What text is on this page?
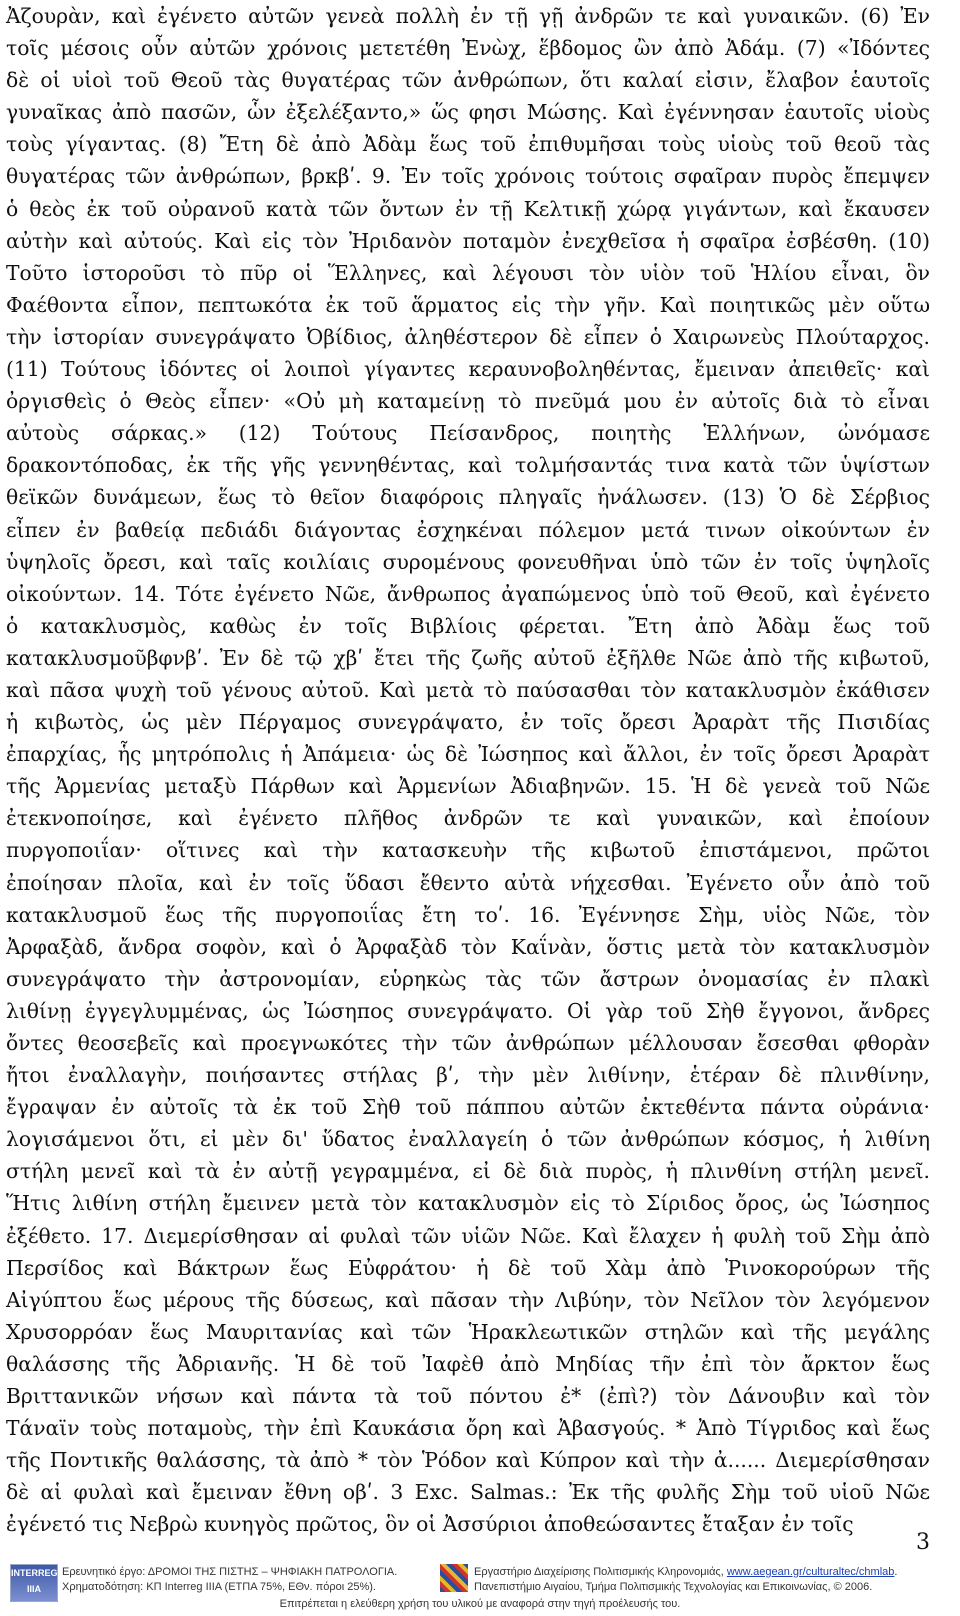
Ἀζουρὰν, καὶ ἐγένετο αὐτῶν γενεὰ πολλὴ ἐν τῇ γῇ ἀνδρῶν τε καὶ γυναικῶν. (6) Ἐν
τοῖς μέσοις οὖν αὐτῶν χρόνοις μετετέθη Ἐνὼχ, ἕβδομος ὢν ἀπὸ Ἀδάμ. (7) «Ἰδόντες
δὲ οἱ υἱοὶ τοῦ Θεοῦ τὰς θυγατέρας τῶν ἀνθρώπων, ὅτι καλαί εἰσιν, ἔλαβον ἑαυτοῖς
γυναῖκας ἀπὸ πασῶν, ὧν ἐξελέξαντο,» ὥς φησι Μώσης. Καὶ ἐγέννησαν ἑαυτοῖς υἱοὺς
τοὺς γίγαντας. (8) Ἔτη δὲ ἀπὸ Ἀδὰμ ἕως τοῦ ἐπιθυμῆσαι τοὺς υἱοὺς τοῦ θεοῦ τὰς
θυγατέρας τῶν ἀνθρώπων, βρκβʹ. 9. Ἐν τοῖς χρόνοις τούτοις σφαῖραν πυρὸς ἔπεμψεν
ὁ θεὸς ἐκ τοῦ οὐρανοῦ κατὰ τῶν ὄντων ἐν τῇ Κελτικῇ χώρᾳ γιγάντων, καὶ ἔκαυσεν
αὐτὴν καὶ αὐτούς. Καὶ εἰς τὸν Ἠριδανὸν ποταμὸν ἐνεχθεῖσα ἡ σφαῖρα ἐσβέσθη. (10)
Τοῦτο ἱστοροῦσι τὸ πῦρ οἱ Ἕλληνες, καὶ λέγουσι τὸν υἱὸν τοῦ Ἡλίου εἶναι, ὃν
Φαέθοντα εἶπον, πεπτωκότα ἐκ τοῦ ἅρματος εἰς τὴν γῆν. Καὶ ποιητικῶς μὲν οὕτω
τὴν ἱστορίαν συνεγράψατο Ὀβίδιος, ἀληθέστερον δὲ εἶπεν ὁ Χαιρωνεὺς Πλούταρχος.
(11) Τούτους ἰδόντες οἱ λοιποὶ γίγαντες κεραυνοβοληθέντας, ἔμειναν ἀπειθεῖς· καὶ
ὀργισθεὶς ὁ Θεὸς εἶπεν· «Οὐ μὴ καταμείνῃ τὸ πνεῦμά μου ἐν αὐτοῖς διὰ τὸ εἶναι
αὐτοὺς σάρκας.» (12) Τούτους Πείσανδρος, ποιητὴς Ἑλλήνων, ὠνόμασε
δρακοντόποδας, ἐκ τῆς γῆς γεννηθέντας, καὶ τολμήσαντάς τινα κατὰ τῶν ὑψίστων
θεϊκῶν δυνάμεων, ἕως τὸ θεῖον διαφόροις πληγαῖς ἠνάλωσεν. (13) Ὁ δὲ Σέρβιος
εἶπεν ἐν βαθείᾳ πεδιάδι διάγοντας ἐσχηκέναι πόλεμον μετά τινων οἰκούντων ἐν
ὑψηλοῖς ὄρεσι, καὶ ταῖς κοιλίαις συρομένους φονευθῆναι ὑπὸ τῶν ἐν τοῖς ὑψηλοῖς
οἰκούντων. 14. Τότε ἐγένετο Νῶε, ἄνθρωπος ἀγαπώμενος ὑπὸ τοῦ Θεοῦ, καὶ ἐγένετο
ὁ κατακλυσμὸς, καθὼς ἐν τοῖς Βιβλίοις φέρεται. Ἔτη ἀπὸ Ἀδὰμ ἕως τοῦ
κατακλυσμοῦβφνβʹ. Ἐν δὲ τῷ χβʹ ἔτει τῆς ζωῆς αὐτοῦ ἐξῆλθε Νῶε ἀπὸ τῆς κιβωτοῦ,
καὶ πᾶσα ψυχὴ τοῦ γένους αὐτοῦ. Καὶ μετὰ τὸ παύσασθαι τὸν κατακλυσμὸν ἐκάθισεν
ἡ κιβωτὸς, ὡς μὲν Πέργαμος συνεγράψατο, ἐν τοῖς ὄρεσι Ἀραρὰτ τῆς Πισιδίας
ἐπαρχίας, ἧς μητρόπολις ἡ Ἀπάμεια· ὡς δὲ Ἰώσηπος καὶ ἄλλοι, ἐν τοῖς ὄρεσι Ἀραρὰτ
τῆς Ἀρμενίας μεταξὺ Πάρθων καὶ Ἀρμενίων Ἀδιαβηνῶν. 15. Ἡ δὲ γενεὰ τοῦ Νῶε
ἐτεκνοποίησε, καὶ ἐγένετο πλῆθος ἀνδρῶν τε καὶ γυναικῶν, καὶ ἐποίουν
πυργοποιΐαν· οἵτινες καὶ τὴν κατασκευὴν τῆς κιβωτοῦ ἐπιστάμενοι, πρῶτοι
ἐποίησαν πλοῖα, καὶ ἐν τοῖς ὕδασι ἔθεντο αὐτὰ νήχεσθαι. Ἐγένετο οὖν ἀπὸ τοῦ
κατακλυσμοῦ ἕως τῆς πυργοποιΐας ἔτη τοʹ. 16. Ἐγέννησε Σὴμ, υἱὸς Νῶε, τὸν
Ἀρφαξὰδ, ἄνδρα σοφὸν, καὶ ὁ Ἀρφαξὰδ τὸν Καΐνὰν, ὅστις μετὰ τὸν κατακλυσμὸν
συνεγράψατο τὴν ἀστρονομίαν, εὑρηκὼς τὰς τῶν ἄστρων ὀνομασίας ἐν πλακὶ
λιθίνῃ ἐγγεγλυμμένας, ὡς Ἰώσηπος συνεγράψατο. Οἱ γὰρ τοῦ Σὴθ ἔγγονοι, ἄνδρες
ὄντες θεοσεβεῖς καὶ προεγνωκότες τὴν τῶν ἀνθρώπων μέλλουσαν ἔσεσθαι φθορὰν
ἤτοι ἐναλλαγὴν, ποιήσαντες στήλας βʹ, τὴν μὲν λιθίνην, ἑτέραν δὲ πλινθίνην,
ἔγραψαν ἐν αὐτοῖς τὰ ἐκ τοῦ Σὴθ τοῦ πάππου αὐτῶν ἐκτεθέντα πάντα οὐράνια·
λογισάμενοι ὅτι, εἰ μὲν δι' ὕδατος ἐναλλαγείη ὁ τῶν ἀνθρώπων κόσμος, ἡ λιθίνη
στήλη μενεῖ καὶ τὰ ἐν αὐτῇ γεγραμμένα, εἰ δὲ διὰ πυρὸς, ἡ πλινθίνη στήλη μενεῖ.
Ἥτις λιθίνη στήλη ἔμεινεν μετὰ τὸν κατακλυσμὸν εἰς τὸ Σίριδος ὄρος, ὡς Ἰώσηπος
ἐξέθετο. 17. Διεμερίσθησαν αἱ φυλαὶ τῶν υἱῶν Νῶε. Καὶ ἔλαχεν ἡ φυλὴ τοῦ Σὴμ ἀπὸ
Περσίδος καὶ Βάκτρων ἕως Εὐφράτου· ἡ δὲ τοῦ Χὰμ ἀπὸ Ῥινοκορούρων τῆς
Αἰγύπτου ἕως μέρους τῆς δύσεως, καὶ πᾶσαν τὴν Λιβύην, τὸν Νεῖλον τὸν λεγόμενον
Χρυσορρόαν ἕως Μαυριτανίας καὶ τῶν Ἡρακλεωτικῶν στηλῶν καὶ τῆς μεγάλης
θαλάσσης τῆς Ἀδριανῆς. Ἡ δὲ τοῦ Ἰαφὲθ ἀπὸ Μηδίας τῆν ἐπὶ τὸν ἄρκτον ἕως
Βριττανικῶν νήσων καὶ πάντα τὰ τοῦ πόντου ἐ* (ἐπὶ?) τὸν Δάνουβιν καὶ τὸν
Τάναϊν τοὺς ποταμοὺς, τὴν ἐπὶ Καυκάσια ὄρη καὶ Ἀβασγούς. * Ἀπὸ Τίγριδος καὶ ἕως
τῆς Ποντικῆς θαλάσσης, τὰ ἀπὸ * τὸν Ῥόδον καὶ Κύπρον καὶ τὴν ἀ...... Διεμερίσθησαν
δὲ αἱ φυλαὶ καὶ ἔμειναν ἔθνη οβʹ. 3 Exc. Salmas.: Ἐκ τῆς φυλῆς Σὴμ τοῦ υἱοῦ Νῶε
ἐγένετό τις Νεβρὼ κυνηγὸς πρῶτος, ὃν οἱ Ἀσσύριοι ἀποθεώσαντες ἔταξαν ἐν τοῖς
3
INTERREG
IIIA
Ερευνητικό έργο: ΔΡΟΜΟΙ ΤΗΣ ΠΙΣΤΗΣ – ΨΗΦΙΑΚΗ ΠΑΤΡΟΛΟΓΙΑ.
Χρηματοδότηση: ΚΠ Interreg IIIA (ΕΤΠΑ 75%, ΕΘν. πόροι 25%).
Εργαστήριο Διαχείρισης Πολιτισμικής Κληρονομιάς, www.aegean.gr/culturaltec/chmlab.
Πανεπιστήμιο Αιγαίου, Τμήμα Πολιτισμικής Τεχνολογίας και Επικοινωνίας, © 2006.
Επιτρέπεται η ελεύθερη χρήση του υλικού με αναφορά στην τηγή προέλευσής του.
